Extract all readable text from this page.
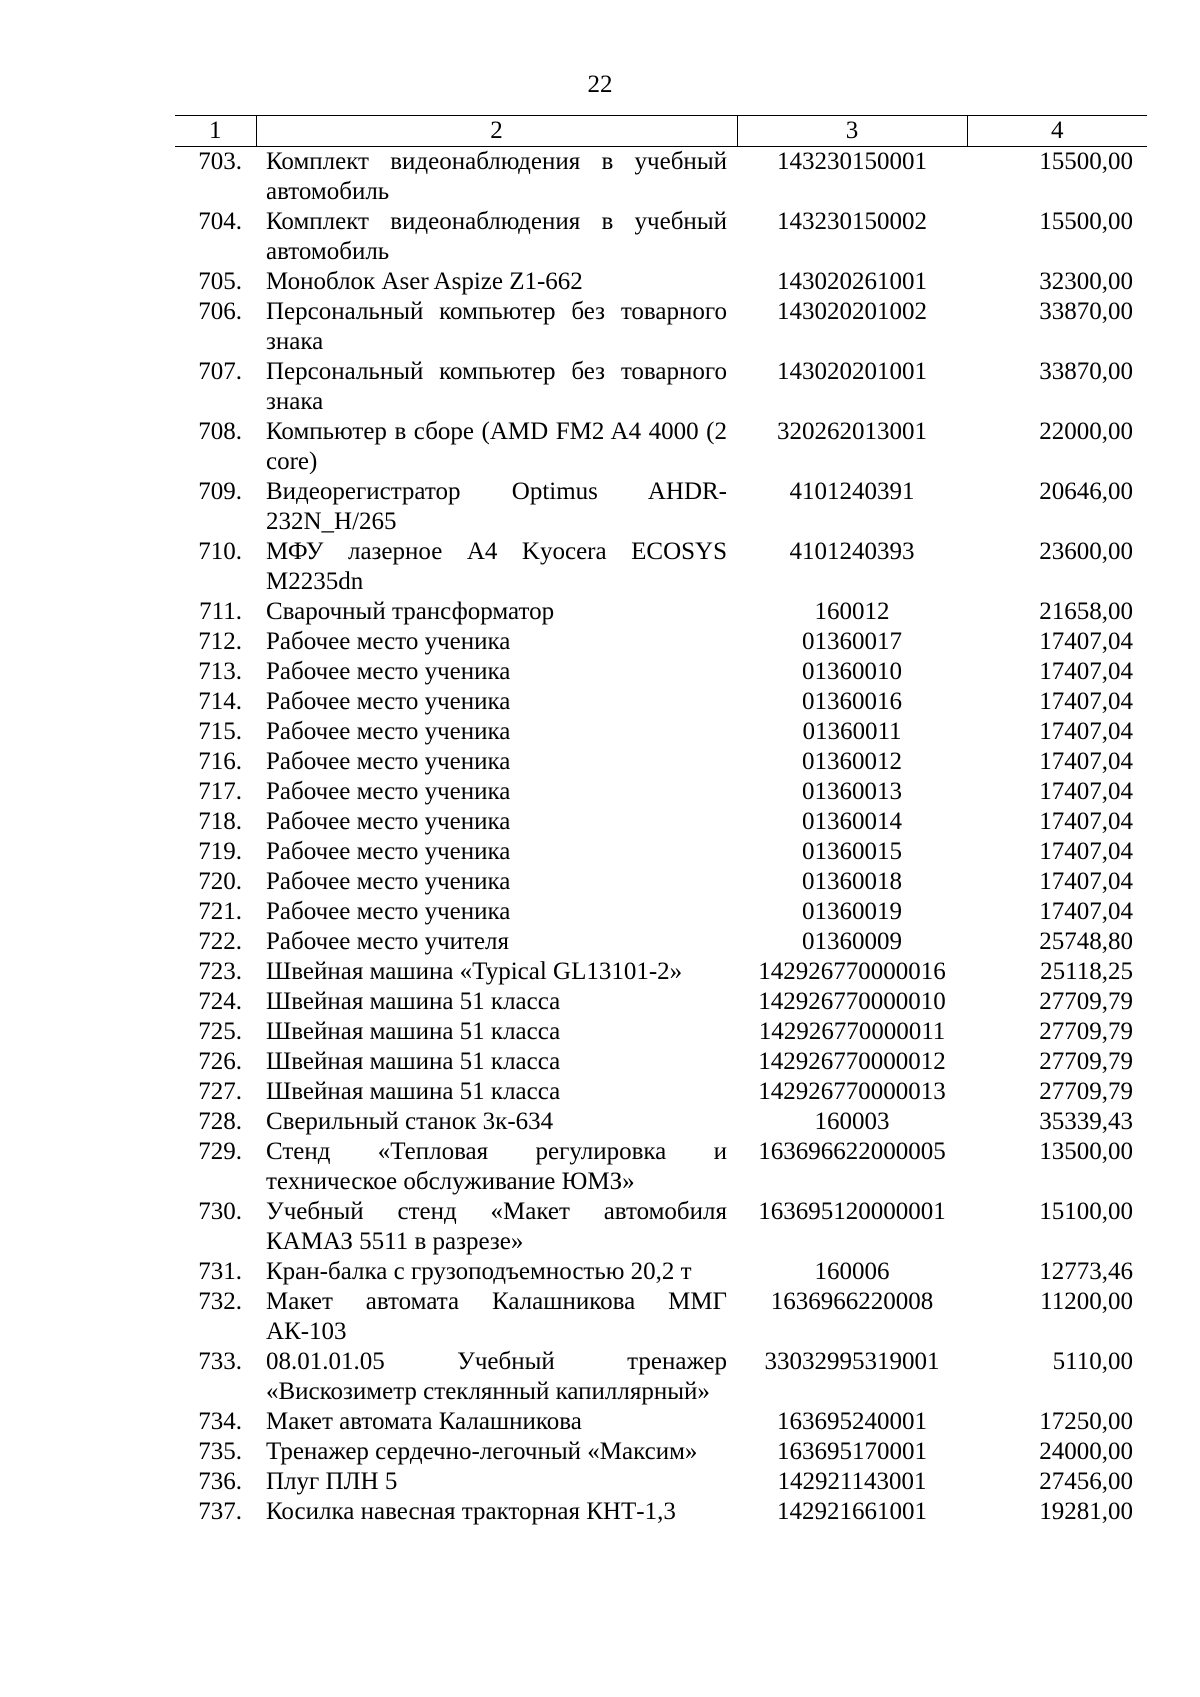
22
1	2	3	4
703.	Комплект видеонаблюдения в учебный автомобиль	143230150001	15500,00
704.	Комплект видеонаблюдения в учебный автомобиль	143230150002	15500,00
705.	Моноблок Aser Aspize Z1-662	143020261001	32300,00
706.	Персональный компьютер без товарного знака	143020201002	33870,00
707.	Персональный компьютер без товарного знака	143020201001	33870,00
708.	Компьютер в сборе (AMD FM2 A4 4000 (2 core)	320262013001	22000,00
709.	Видеорегистратор Optimus AHDR-232N_H/265	4101240391	20646,00
710.	МФУ лазерное А4 Kyocera ECOSYS M2235dn	4101240393	23600,00
711.	Сварочный трансформатор	160012	21658,00
712.	Рабочее место ученика	01360017	17407,04
713.	Рабочее место ученика	01360010	17407,04
714.	Рабочее место ученика	01360016	17407,04
715.	Рабочее место ученика	01360011	17407,04
716.	Рабочее место ученика	01360012	17407,04
717.	Рабочее место ученика	01360013	17407,04
718.	Рабочее место ученика	01360014	17407,04
719.	Рабочее место ученика	01360015	17407,04
720.	Рабочее место ученика	01360018	17407,04
721.	Рабочее место ученика	01360019	17407,04
722.	Рабочее место учителя	01360009	25748,80
723.	Швейная машина «Typical GL13101-2»	142926770000016	25118,25
724.	Швейная машина 51 класса	142926770000010	27709,79
725.	Швейная машина 51 класса	142926770000011	27709,79
726.	Швейная машина 51 класса	142926770000012	27709,79
727.	Швейная машина 51 класса	142926770000013	27709,79
728.	Сверильный станок 3к-634	160003	35339,43
729.	Стенд «Тепловая регулировка и техническое обслуживание ЮМЗ»	163696622000005	13500,00
730.	Учебный стенд «Макет автомобиля КАМАЗ 5511 в разрезе»	163695120000001	15100,00
731.	Кран-балка с грузоподъемностью 20,2 т	160006	12773,46
732.	Макет автомата Калашникова ММГ АК-103	1636966220008	11200,00
733.	08.01.01.05 Учебный тренажер «Вискозиметр стеклянный капиллярный»	33032995319001	5110,00
734.	Макет автомата Калашникова	163695240001	17250,00
735.	Тренажер сердечно-легочный «Максим»	163695170001	24000,00
736.	Плуг ПЛН 5	142921143001	27456,00
737.	Косилка навесная тракторная КНТ-1,3	142921661001	19281,00
